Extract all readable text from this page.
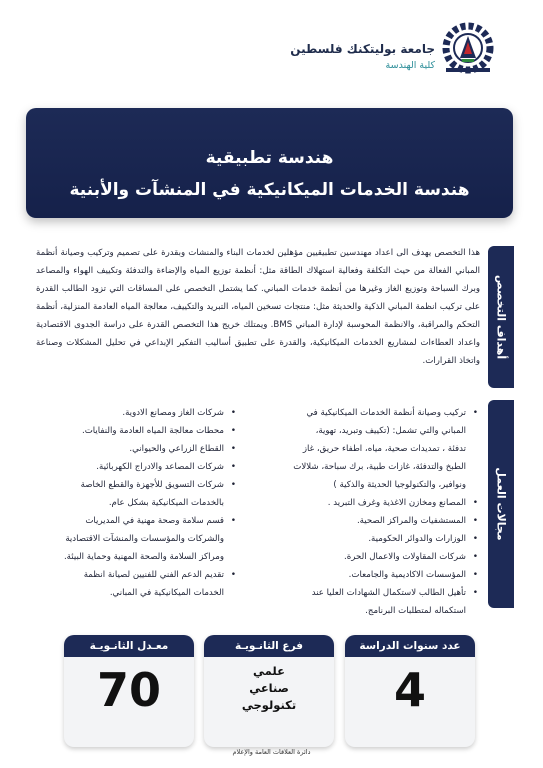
جامعة بوليتكنك فلسطين
كلية الهندسة
هندسة تطبيقية
هندسة الخدمات الميكانيكية في المنشآت والأبنية
أهداف التخصص
مجالات العمل
هذا التخصص يهدف الى اعداد مهندسين تطبيقيين مؤهلين لخدمات البناء والمنشات وبقدرة على تصميم وتركيب وصيانة أنظمة المباني الفعالة من حيث التكلفة وفعالية استهلاك الطاقة مثل: أنظمة توزيع المياه والإضاءة والتدفئة وتكييف الهواء والمصاعد وبرك السباحة وتوزيع الغاز وغيرها من أنظمة خدمات المباني. كما يشتمل التخصص على المساقات التي تزود الطالب القدرة على تركيب انظمة المباني الذكية والحديثة مثل: منتجات تسخين المياه، التبريد والتكييف، معالجة المياه العادمة المنزلية، أنظمة التحكم والمراقبة، والانظمة المحوسبة لإدارة المباني BMS. ويمتلك خريج هذا التخصص القدرة على دراسة الجدوى الاقتصادية واعداد العطاءات لمشاريع الخدمات الميكانيكية، والقدرة على تطبيق أساليب التفكير الإبداعي في تحليل المشكلات وصناعة واتخاذ القرارات.
• تركيب وصيانة أنظمة الخدمات الميكانيكية في
المباني والتي تشمل: (تكييف وتبريد، تهوية،
تدفئة ، تمديدات صحية، مياه، اطفاء حريق، غاز
الطبخ والتدفئة، غازات طبية، برك سباحة، شلالات
ونوافير، والتكنولوجيا الحديثة والذكية )
• المصانع ومخازن الاغذية وغرف التبريد .
• المستشفيات والمراكز الصحية.
• الوزارات والدوائر الحكومية.
• شركات المقاولات والاعمال الحرة.
• المؤسسات الاكاديمية والجامعات.
• تأهيل الطالب لاستكمال الشهادات العليا عند
استكماله لمتطلبات البرنامج.
• شركات الغاز ومصانع الادوية.
• محطات معالجة المياه العادمة والنفايات.
• القطاع الزراعي والحيواني.
• شركات المصاعد والادراج الكهربائية.
• شركات التسويق للأجهزة والقطع الخاصة
بالخدمات الميكانيكية بشكل عام.
• قسم سلامة وصحة مهنية في المديريات
والشركات والمؤسسات والمنشآت الاقتصادية
ومراكز السلامة والصحة المهنية وحماية البيئة.
• تقديم الدعم الفني للفنيين لصيانة انظمة
الخدمات الميكانيكية في المباني.
عدد سنوات الدراسة
4
فرع الثانـويـة
علمي
صناعي
تكنولوجي
معـدل الثانـويـة
70
دائرة العلاقات العامة والإعلام
